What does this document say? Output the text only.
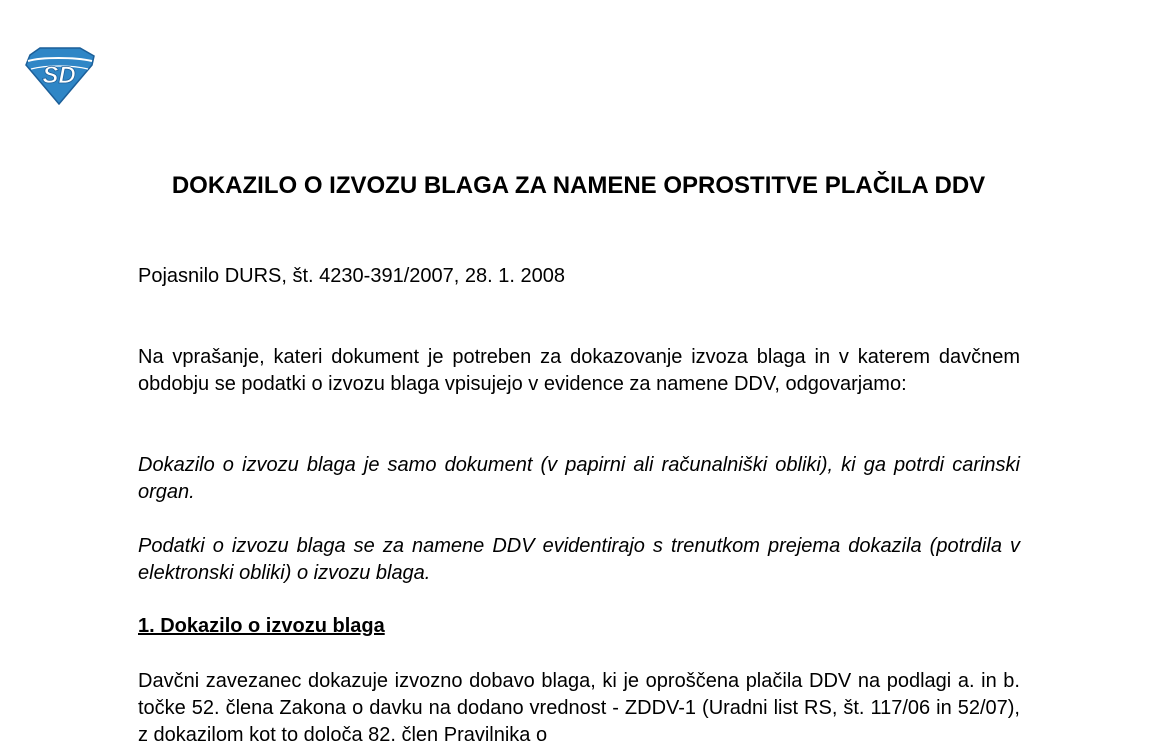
SD
DOKAZILO O IZVOZU BLAGA ZA NAMENE OPROSTITVE PLAČILA DDV

Pojasnilo DURS, št. 4230-391/2007, 28. 1. 2008

Na vprašanje, kateri dokument je potreben za dokazovanje izvoza blaga in v katerem davčnem obdobju se podatki o izvozu blaga vpisujejo v evidence za namene DDV, odgovarjamo:

Dokazilo o izvozu blaga je samo dokument (v papirni ali računalniški obliki), ki ga potrdi carinski organ.

Podatki o izvozu blaga se za namene DDV evidentirajo s trenutkom prejema dokazila (potrdila v elektronski obliki) o izvozu blaga.

1. Dokazilo o izvozu blaga

Davčni zavezanec dokazuje izvozno dobavo blaga, ki je oproščena plačila DDV na podlagi a. in b. točke 52. člena Zakona o davku na dodano vrednost - ZDDV-1 (Uradni list RS, št. 117/06 in 52/07), z dokazilom kot to določa 82. člen Pravilnika o
